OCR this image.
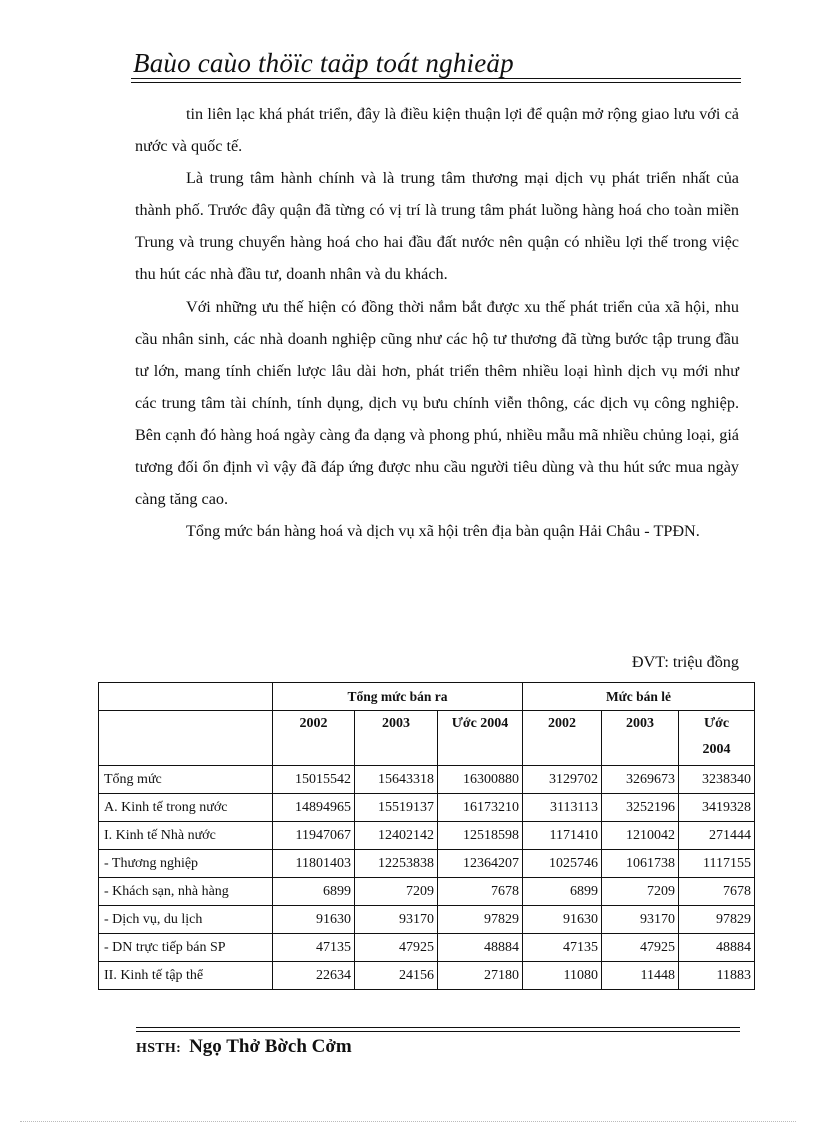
Baùo caùo thöïc taäp toát nghieäp

tin liên lạc khá phát triển, đây là điều kiện thuận lợi để quận mở rộng giao lưu với cả nước và quốc tế.

Là trung tâm hành chính và là trung tâm thương mại dịch vụ phát triển nhất của thành phố. Trước đây quận đã từng có vị trí là trung tâm phát luồng hàng hoá cho toàn miền Trung và trung chuyển hàng hoá cho hai đầu đất nước nên quận có nhiều lợi thế trong việc thu hút các nhà đầu tư, doanh nhân và du khách.

Với những ưu thế hiện có đồng thời nắm bắt được xu thế phát triển của xã hội, nhu cầu nhân sinh, các nhà doanh nghiệp cũng như các hộ tư thương đã từng bước tập trung đầu tư lớn, mang tính chiến lược lâu dài hơn, phát triển thêm nhiều loại hình dịch vụ mới như các trung tâm tài chính, tính dụng, dịch vụ bưu chính viễn thông, các dịch vụ công nghiệp. Bên cạnh đó hàng hoá ngày càng đa dạng và phong phú, nhiều mẫu mã nhiều chủng loại, giá tương đối ổn định vì vậy đã đáp ứng được nhu cầu người tiêu dùng và thu hút sức mua ngày càng tăng cao.

Tổng mức bán hàng hoá và dịch vụ xã hội trên địa bàn quận Hải Châu - TPĐN.

ĐVT: triệu đồng
	Tổng mức bán ra			Mức bán lẻ		
	2002	2003	Ước 2004	2002	2003	Ước 2004
Tổng mức	15015542	15643318	16300880	3129702	3269673	3238340
A. Kinh tế trong nước	14894965	15519137	16173210	3113113	3252196	3419328
I. Kinh tế Nhà nước	11947067	12402142	12518598	1171410	1210042	271444
- Thương nghiệp	11801403	12253838	12364207	1025746	1061738	1117155
- Khách sạn, nhà hàng	6899	7209	7678	6899	7209	7678
- Dịch vụ, du lịch	91630	93170	97829	91630	93170	97829
- DN trực tiếp bán SP	47135	47925	48884	47135	47925	48884
II. Kinh tế tập thể	22634	24156	27180	11080	11448	11883
HSTH: Ngọ Thở Bờch Cởm
